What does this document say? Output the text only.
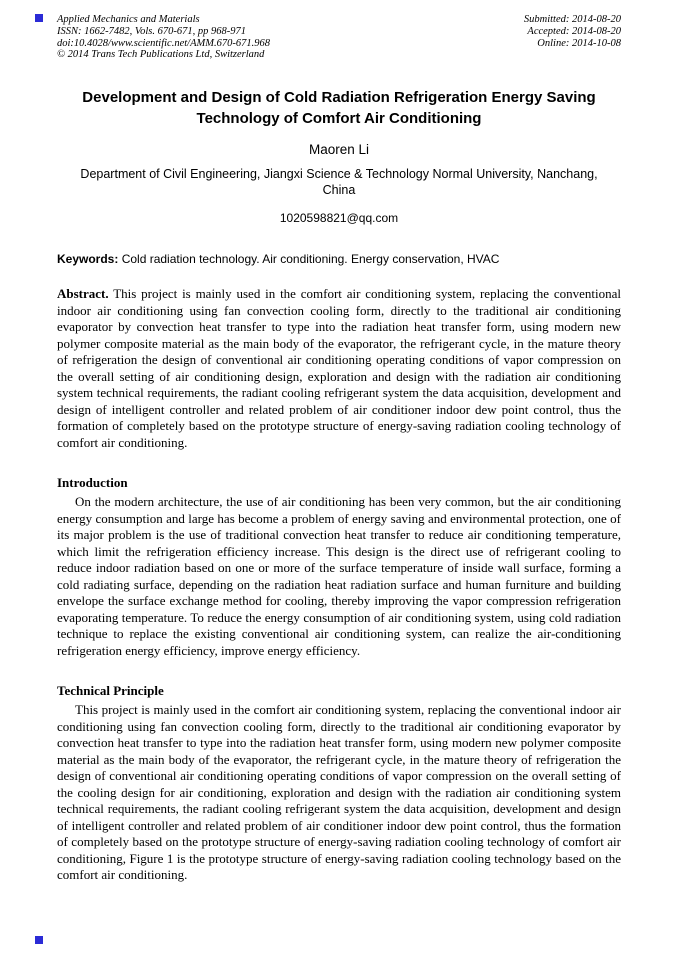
Applied Mechanics and Materials
ISSN: 1662-7482, Vols. 670-671, pp 968-971
doi:10.4028/www.scientific.net/AMM.670-671.968
© 2014 Trans Tech Publications Ltd, Switzerland
Submitted: 2014-08-20
Accepted: 2014-08-20
Online: 2014-10-08
Development and Design of Cold Radiation Refrigeration Energy Saving Technology of Comfort Air Conditioning
Maoren Li
Department of Civil Engineering, Jiangxi Science & Technology Normal University, Nanchang, China
1020598821@qq.com
Keywords: Cold radiation technology. Air conditioning. Energy conservation, HVAC

Abstract. This project is mainly used in the comfort air conditioning system, replacing the conventional indoor air conditioning using fan convection cooling form, directly to the traditional air conditioning evaporator by convection heat transfer to type into the radiation heat transfer form, using modern new polymer composite material as the main body of the evaporator, the refrigerant cycle, in the mature theory of refrigeration the design of conventional air conditioning operating conditions of vapor compression on the overall setting of air conditioning design, exploration and design with the radiation air conditioning system technical requirements, the radiant cooling refrigerant system the data acquisition, development and design of intelligent controller and related problem of air conditioner indoor dew point control, thus the formation of completely based on the prototype structure of energy-saving radiation cooling technology of comfort air conditioning.

Introduction

On the modern architecture, the use of air conditioning has been very common, but the air conditioning energy consumption and large has become a problem of energy saving and environmental protection, one of its major problem is the use of traditional convection heat transfer to reduce air conditioning temperature, which limit the refrigeration efficiency increase. This design is the direct use of refrigerant cooling to reduce indoor radiation based on one or more of the surface temperature of inside wall surface, forming a cold radiating surface, depending on the radiation heat radiation surface and human furniture and building envelope the surface exchange method for cooling, thereby improving the vapor compression refrigeration evaporating temperature. To reduce the energy consumption of air conditioning system, using cold radiation technique to replace the existing conventional air conditioning system, can realize the air-conditioning refrigeration energy efficiency, improve energy efficiency.

Technical Principle

This project is mainly used in the comfort air conditioning system, replacing the conventional indoor air conditioning using fan convection cooling form, directly to the traditional air conditioning evaporator by convection heat transfer to type into the radiation heat transfer form, using modern new polymer composite material as the main body of the evaporator, the refrigerant cycle, in the mature theory of refrigeration the design of conventional air conditioning operating conditions of vapor compression on the overall setting of the cooling design for air conditioning, exploration and design with the radiation air conditioning system technical requirements, the radiant cooling refrigerant system the data acquisition, development and design of intelligent controller and related problem of air conditioner indoor dew point control, thus the formation of completely based on the prototype structure of energy-saving radiation cooling technology of comfort air conditioning, Figure 1 is the prototype structure of energy-saving radiation cooling technology based on the comfort air conditioning.
